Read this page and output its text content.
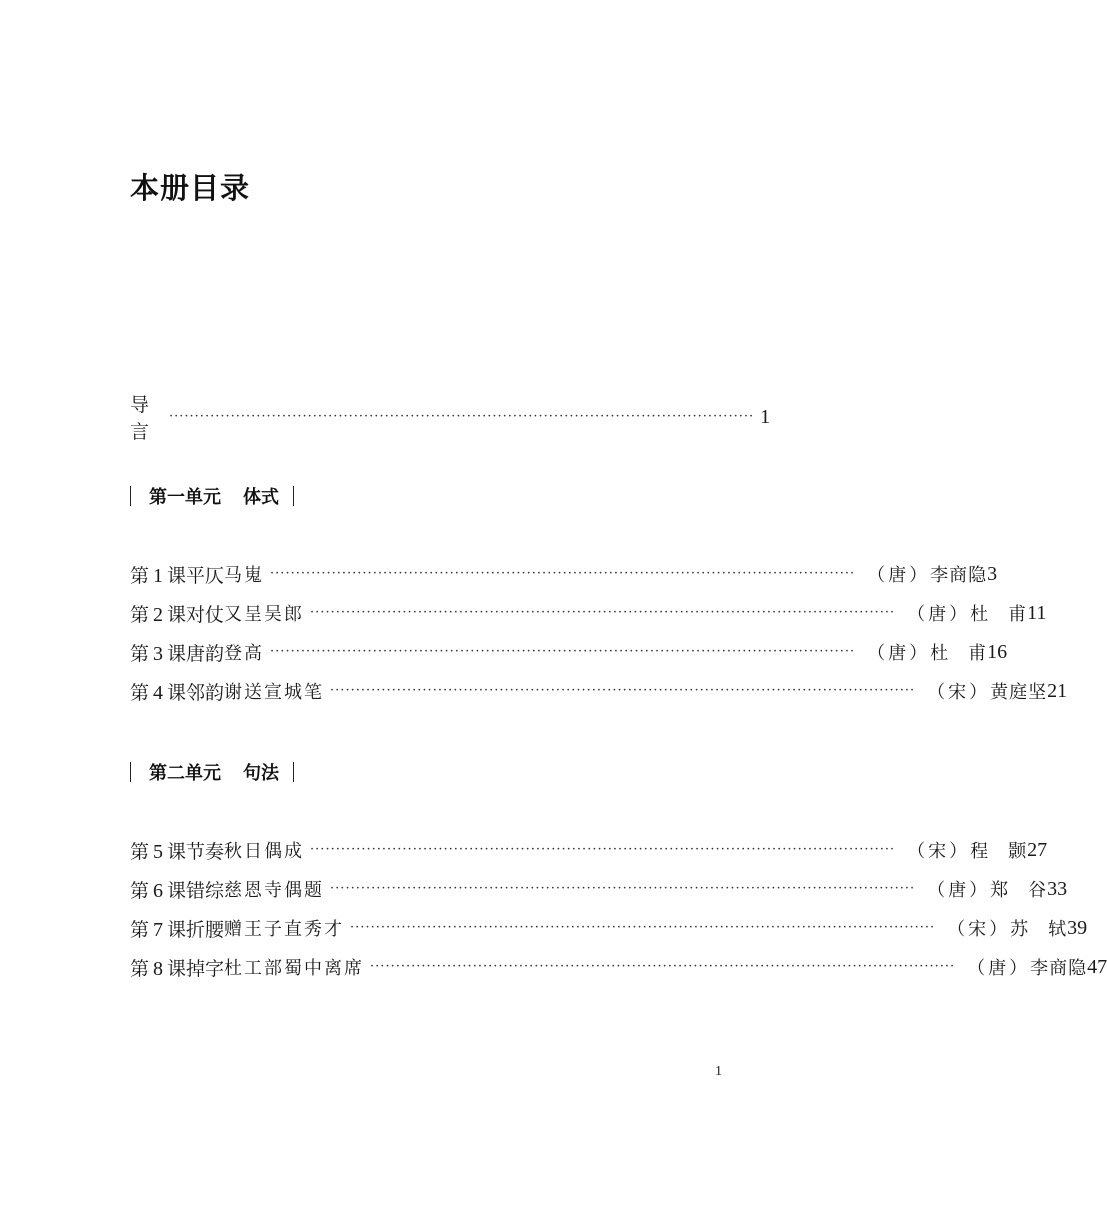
本册目录
导言
·················································································································· 1
第一单元 体式
第 1 课 平仄 马嵬 ·················································································································· （唐） 李商隐 3
第 2 课 对仗 又呈吴郎 ·················································································································· （唐） 杜　甫 11
第 3 课 唐韵 登高 ·················································································································· （唐） 杜　甫 16
第 4 课 邻韵 谢送宣城笔 ·················································································································· （宋） 黄庭坚 21
第二单元 句法
第 5 课 节奏 秋日偶成 ·················································································································· （宋） 程　颢 27
第 6 课 错综 慈恩寺偶题 ·················································································································· （唐） 郑　谷 33
第 7 课 折腰 赠王子直秀才 ·················································································································· （宋） 苏　轼 39
第 8 课 掉字 杜工部蜀中离席 ·················································································································· （唐） 李商隐 47
1
